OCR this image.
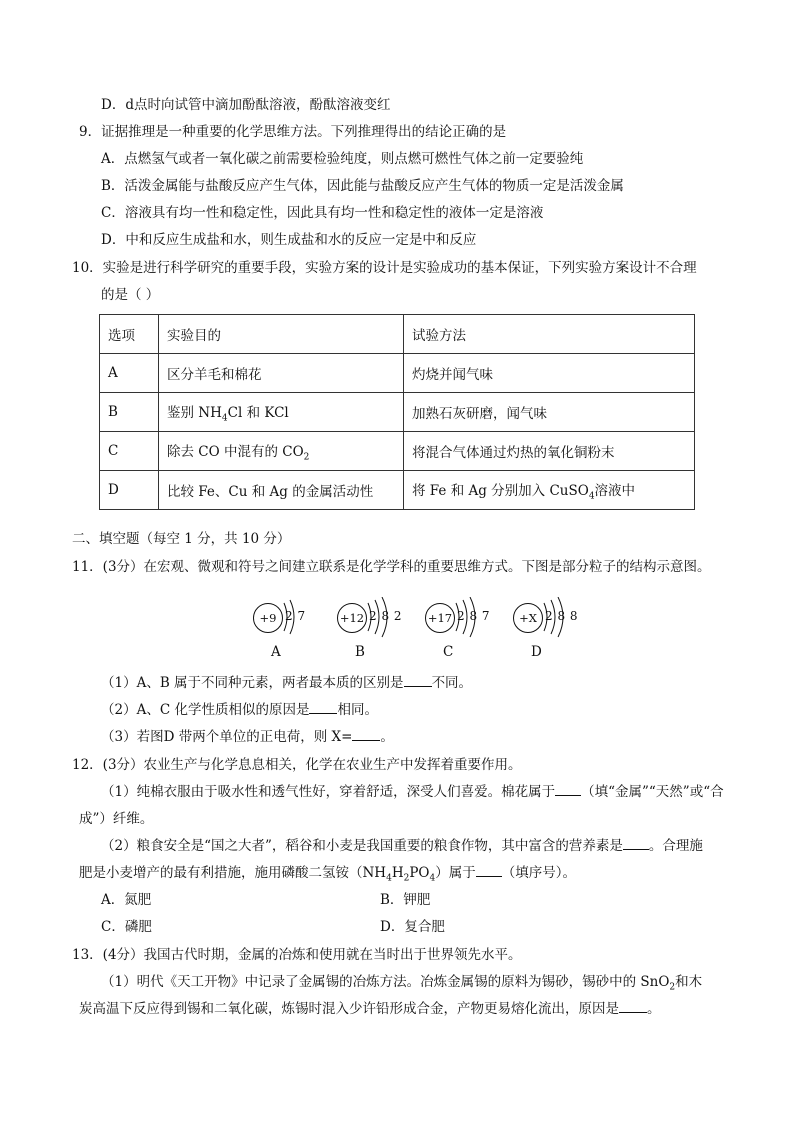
D．d点时向试管中滴加酚酞溶液，酚酞溶液变红
9．证据推理是一种重要的化学思维方法。下列推理得出的结论正确的是
A．点燃氢气或者一氧化碳之前需要检验纯度，则点燃可燃性气体之前一定要验纯
B．活泼金属能与盐酸反应产生气体，因此能与盐酸反应产生气体的物质一定是活泼金属
C．溶液具有均一性和稳定性，因此具有均一性和稳定性的液体一定是溶液
D．中和反应生成盐和水，则生成盐和水的反应一定是中和反应
10．实验是进行科学研究的重要手段，实验方案的设计是实验成功的基本保证，下列实验方案设计不合理
的是（ ）
选项	实验目的	试验方法
A	区分羊毛和棉花	灼烧并闻气味
B	鉴别 $NH_4Cl$ 和 KCl	加熟石灰研磨，闻气味
C	除去 CO 中混有的 $CO_2$	将混合气体通过灼热的氧化铜粉末
D	比较 Fe、Cu 和 Ag 的金属活动性	将 Fe 和 Ag 分别加入 CuSO$_4$溶液中
二、填空题（每空 1 分，共 10 分）
11．(3分）在宏观、微观和符号之间建立联系是化学学科的重要思维方式。下图是部分粒子的结构示意图。
+9 2 7
A
+12 2 8 2
B
+17 2 8 7
C
+X 2 8 8
D
（1）A、B 属于不同种元素，两者最本质的区别是 不同。
（2）A、C 化学性质相似的原因是 相同。
（3）若图D 带两个单位的正电荷，则 X= 。
12．(3分）农业生产与化学息息相关，化学在农业生产中发挥着重要作用。
（1）纯棉衣服由于吸水性和透气性好，穿着舒适，深受人们喜爱。棉花属于 （填“金属”“天然”或“合
成”）纤维。
（2）粮食安全是“国之大者”，稻谷和小麦是我国重要的粮食作物，其中富含的营养素是 。合理施
肥是小麦增产的最有利措施，施用磷酸二氢铵$(NH_4H_2PO_4)$属于 （填序号）。
A．氮肥	B．钾肥
C．磷肥	D．复合肥
13．(4分）我国古代时期，金属的冶炼和使用就在当时出于世界领先水平。
（1）明代《天工开物》中记录了金属锡的冶炼方法。冶炼金属锡的原料为锡砂，锡砂中的 SnO$_2$和木
炭高温下反应得到锡和二氧化碳，炼锡时混入少许铅形成合金，产物更易熔化流出，原因是 。
